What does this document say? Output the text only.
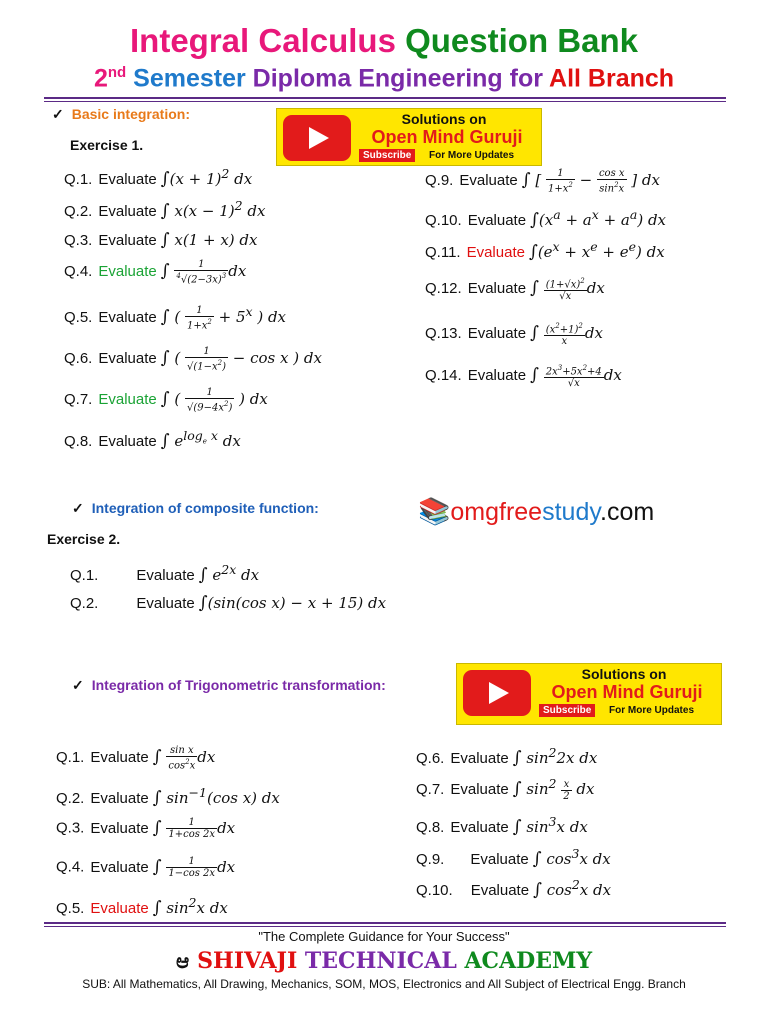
Integral Calculus Question Bank
2nd Semester Diploma Engineering for All Branch
✓ Basic integration:
Exercise 1.
Solutions on
Open Mind Guruji
Subscribe	For More Updates
Q.1. Evaluate $\int(x + 1)^2$ dx
Q.2. Evaluate ∫ $x(x - 1)^2$ dx
Q.3. Evaluate ∫ x(1 + x) dx
Q.4. Evaluate ∫ $\frac{1}{^4√(2-3x)^3}$ dx
Q.5. Evaluate ∫ ( $\frac{1}{1+x^2} + 5^x$ ) dx
Q.6. Evaluate ∫ ( $\frac{1}{√(1-x^2)} - \cos x$ ) dx
Q.7. Evaluate ∫ ( $\frac{1}{√(9-4x^2)}$ ) dx
Q.8. Evaluate ∫ $e^{log_e x}$ dx
Q.9. Evaluate ∫ [ $\frac{1}{1+x^2} - \frac{\text{cos x}}{\sin^2x}$ ] dx
Q.10. Evaluate $\int(x^a + a^x + a^a)$ dx
Q.11. Evaluate $\int(e^x + x^e + e^e)$ dx
Q.12. Evaluate ∫ $\frac{(1+√x)^2}{√x}$ dx
Q.13. Evaluate ∫ $\frac{(x^2+1)^2}{x}$ dx
Q.14. Evaluate ∫ $\frac{2x^3+5x^2+4}{√x}$ dx
✓ Integration of composite function:	📚omgfreestudy.com
Exercise 2.
Q.1.	Evaluate ∫ $e^{2x}$ dx
Q.2.	Evaluate ∫(sin(cos x) − x + 15) dx
✓ Integration of Trigonometric transformation:
Solutions on
Open Mind Guruji
Subscribe	For More Updates
Q.1. Evaluate ∫ $\frac{\text{sin x}}{\cos^2x}$ dx
Q.2. Evaluate ∫ $\sin^{-1}(\cos$ x) dx
Q.3. Evaluate ∫ $\frac{1}{1+\cos 2x}$ dx
Q.4. Evaluate ∫ $\frac{1}{1-\cos 2x}$ dx
Q.5. Evaluate ∫ $\sin^2x$ dx
Q.6. Evaluate ∫ $\sin^22x$ dx
Q.7. Evaluate ∫ $\sin^2 \frac{x}{2}$ dx
Q.8. Evaluate ∫ $\sin^3x$ dx
Q.9. Evaluate ∫ $\cos^3x$ dx
Q.10. Evaluate ∫ $\cos^2x$ dx
"The Complete Guidance for Your Success"
ಆ SHIVAJI TECHNICAL ACADEMY
SUB: All Mathematics, All Drawing, Mechanics, SOM, MOS, Electronics and All Subject of Electrical Engg. Branch
